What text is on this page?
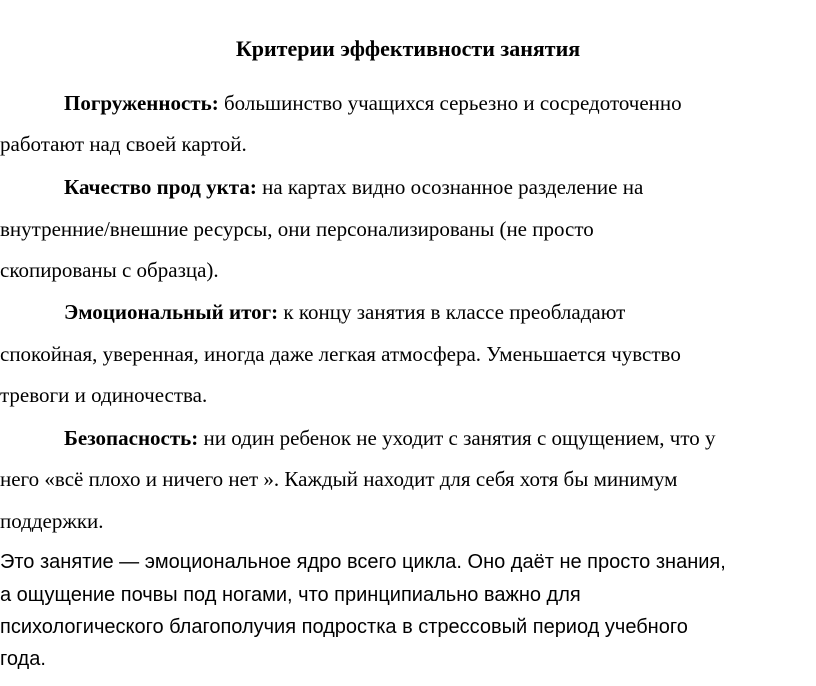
Критерии эффективности занятия
Погруженность: большинство учащихся серьезно и сосредоточенно
работают над своей картой.
Качество прод укта: на картах видно осознанное разделение на
внутренние/внешние ресурсы, они персонализированы (не просто
скопированы с образца).
Эмоциональный итог: к концу занятия в классе преобладают
спокойная, уверенная, иногда даже легкая атмосфера. Уменьшается чувство
тревоги и одиночества.
Безопасность: ни один ребенок не уходит с занятия с ощущением, что у
него «всё плохо и ничего нет ». Каждый находит для себя хотя бы минимум
поддержки.
Это занятие — эмоциональное ядро всего цикла. Оно даёт не просто знания,
а ощущение почвы под ногами, что принципиально важно для
психологического благополучия подростка в стрессовый период учебного
года.
